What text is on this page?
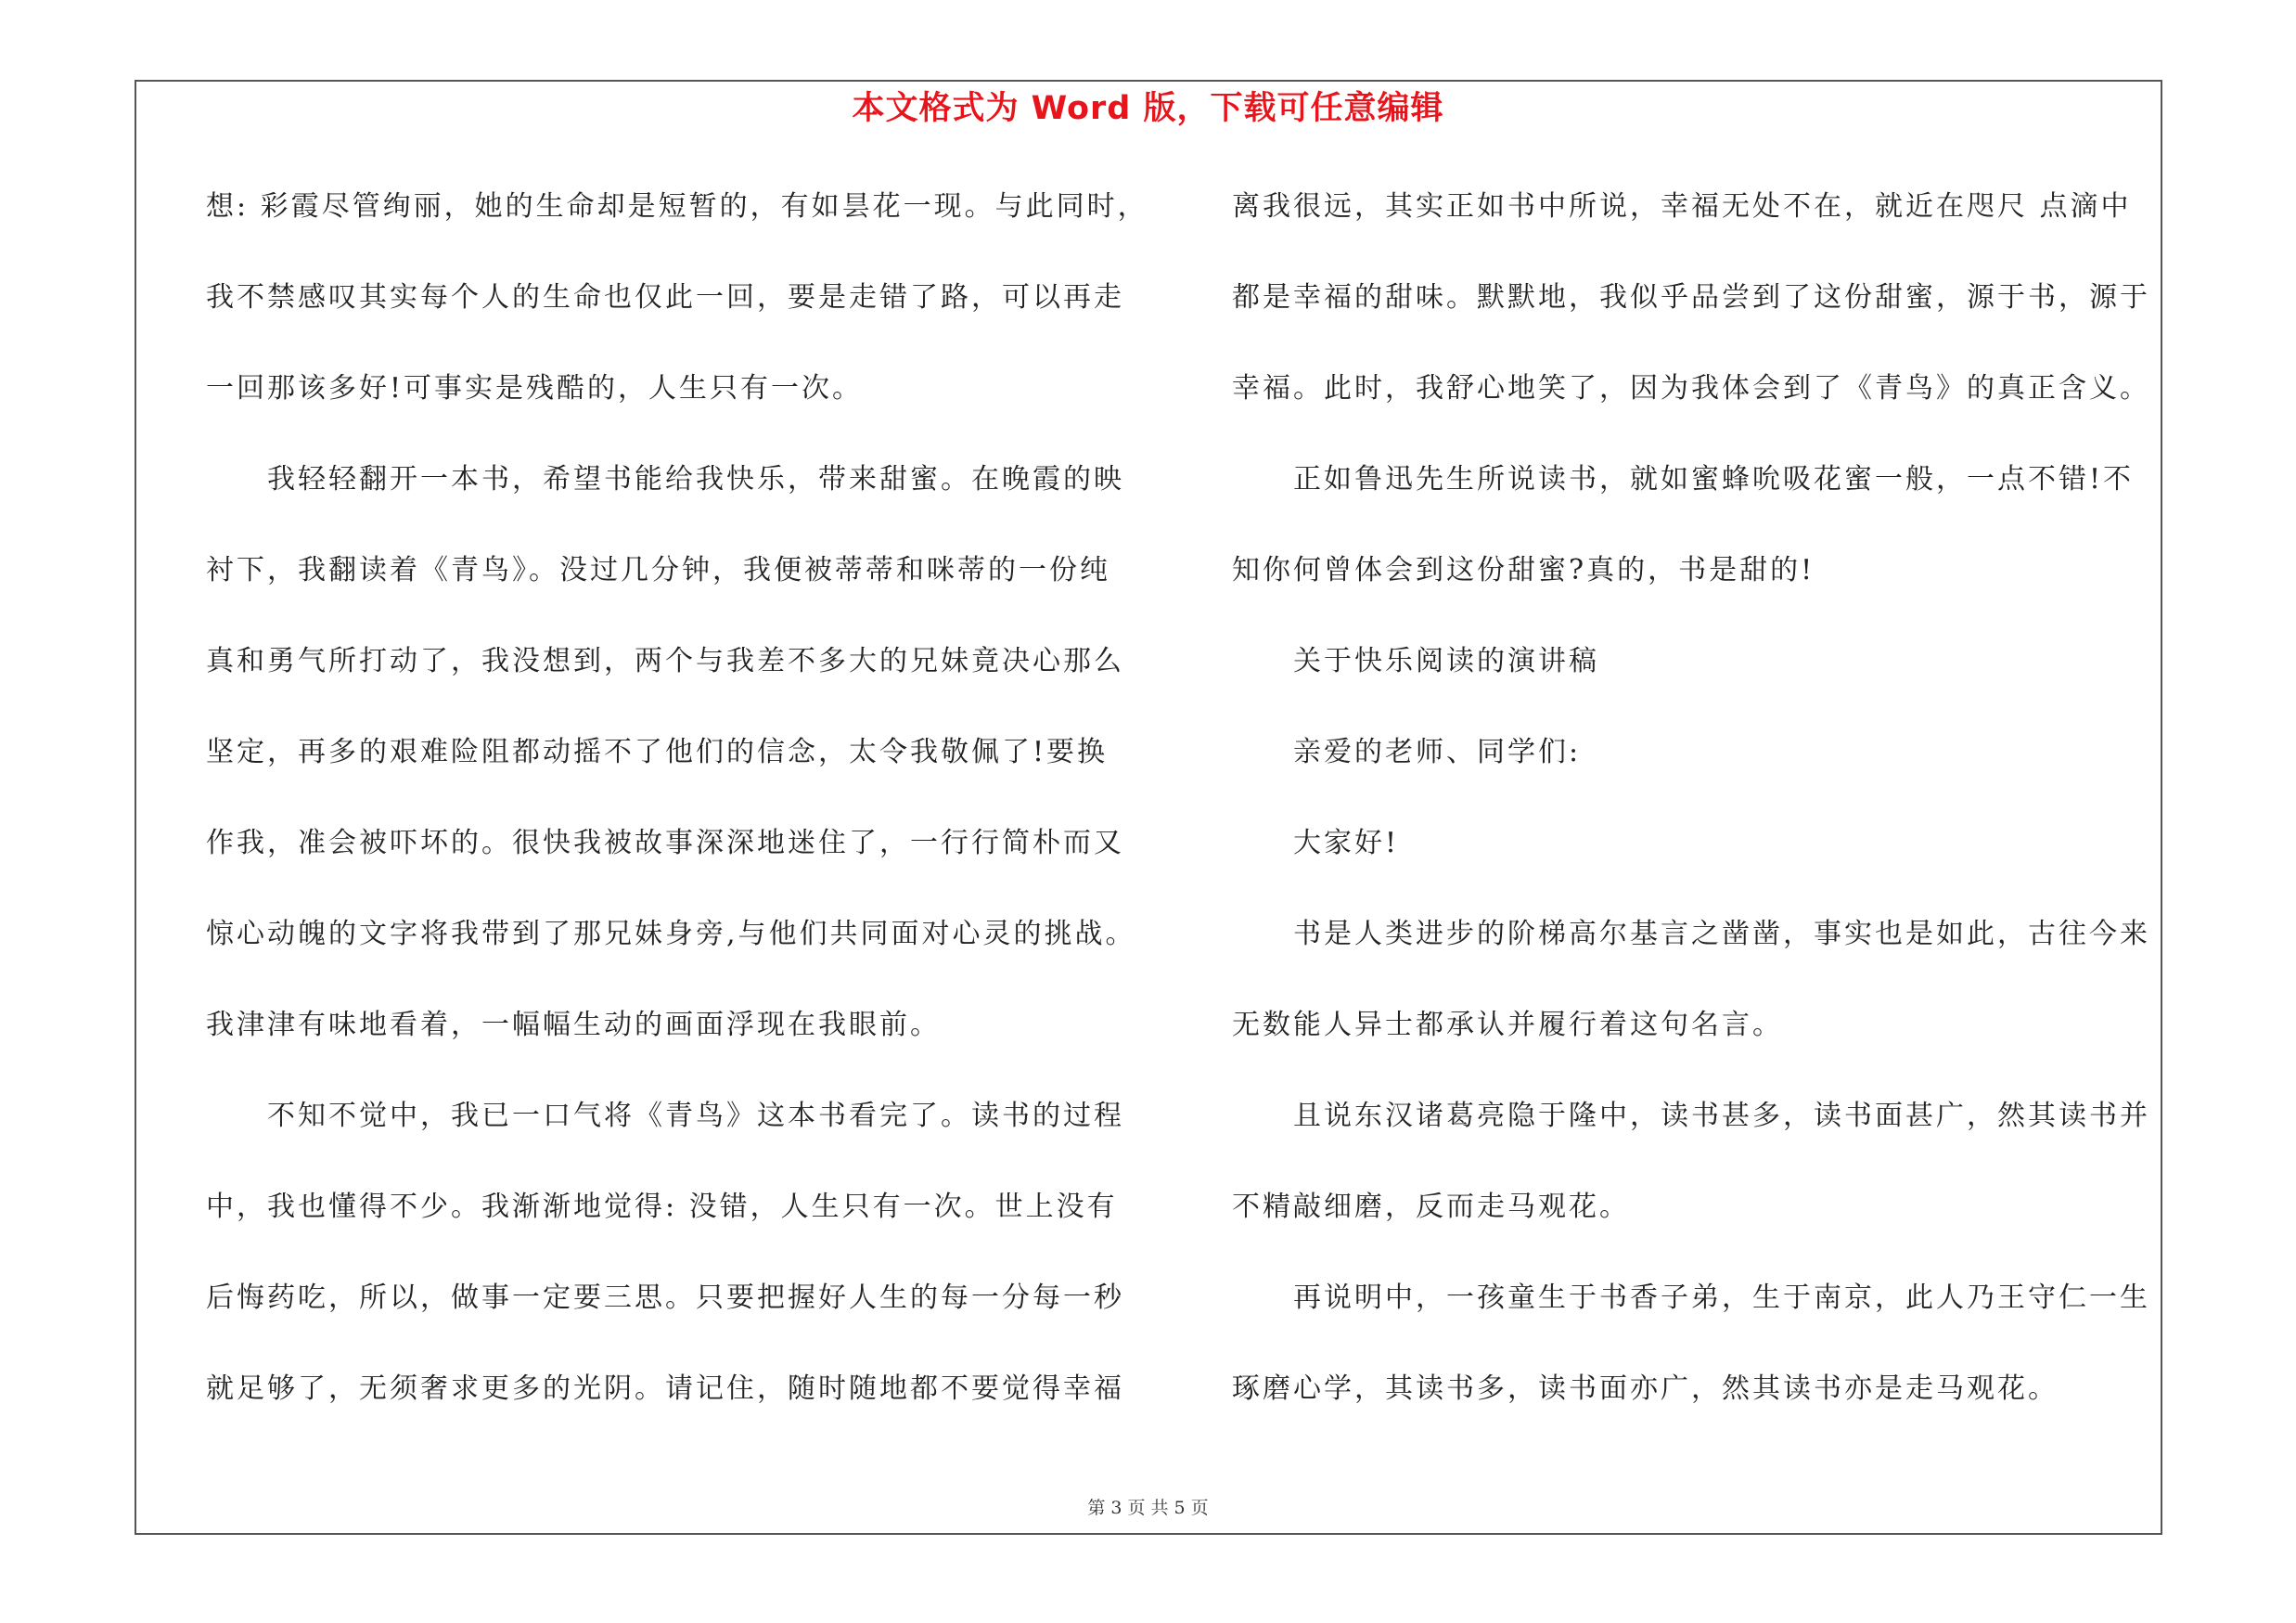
本文格式为 Word 版，下载可任意编辑
想: 彩霞尽管绚丽，她的生命却是短暂的，有如昙花一现。与此同时，
我不禁感叹其实每个人的生命也仅此一回，要是走错了路，可以再走
一回那该多好!可事实是残酷的，人生只有一次。
我轻轻翻开一本书，希望书能给我快乐，带来甜蜜。在晚霞的映
衬下，我翻读着《青鸟》。没过几分钟，我便被蒂蒂和咪蒂的一份纯
真和勇气所打动了，我没想到，两个与我差不多大的兄妹竟决心那么
坚定，再多的艰难险阻都动摇不了他们的信念，太令我敬佩了!要换
作我，准会被吓坏的。很快我被故事深深地迷住了，一行行简朴而又
惊心动魄的文字将我带到了那兄妹身旁,与他们共同面对心灵的挑战。
我津津有味地看着，一幅幅生动的画面浮现在我眼前。
不知不觉中，我已一口气将《青鸟》这本书看完了。读书的过程
中，我也懂得不少。我渐渐地觉得: 没错，人生只有一次。世上没有
后悔药吃，所以，做事一定要三思。只要把握好人生的每一分每一秒
就足够了，无须奢求更多的光阴。请记住，随时随地都不要觉得幸福
离我很远，其实正如书中所说，幸福无处不在，就近在咫尺 点滴中
都是幸福的甜味。默默地，我似乎品尝到了这份甜蜜，源于书，源于
幸福。此时，我舒心地笑了，因为我体会到了《青鸟》的真正含义。
正如鲁迅先生所说读书，就如蜜蜂吮吸花蜜一般，一点不错!不
知你何曾体会到这份甜蜜?真的，书是甜的!
关于快乐阅读的演讲稿
亲爱的老师、同学们:
大家好!
书是人类进步的阶梯高尔基言之凿凿，事实也是如此，古往今来
无数能人异士都承认并履行着这句名言。
且说东汉诸葛亮隐于隆中，读书甚多，读书面甚广，然其读书并
不精敲细磨，反而走马观花。
再说明中，一孩童生于书香子弟，生于南京，此人乃王守仁一生
琢磨心学，其读书多，读书面亦广，然其读书亦是走马观花。
第 3 页 共 5 页
